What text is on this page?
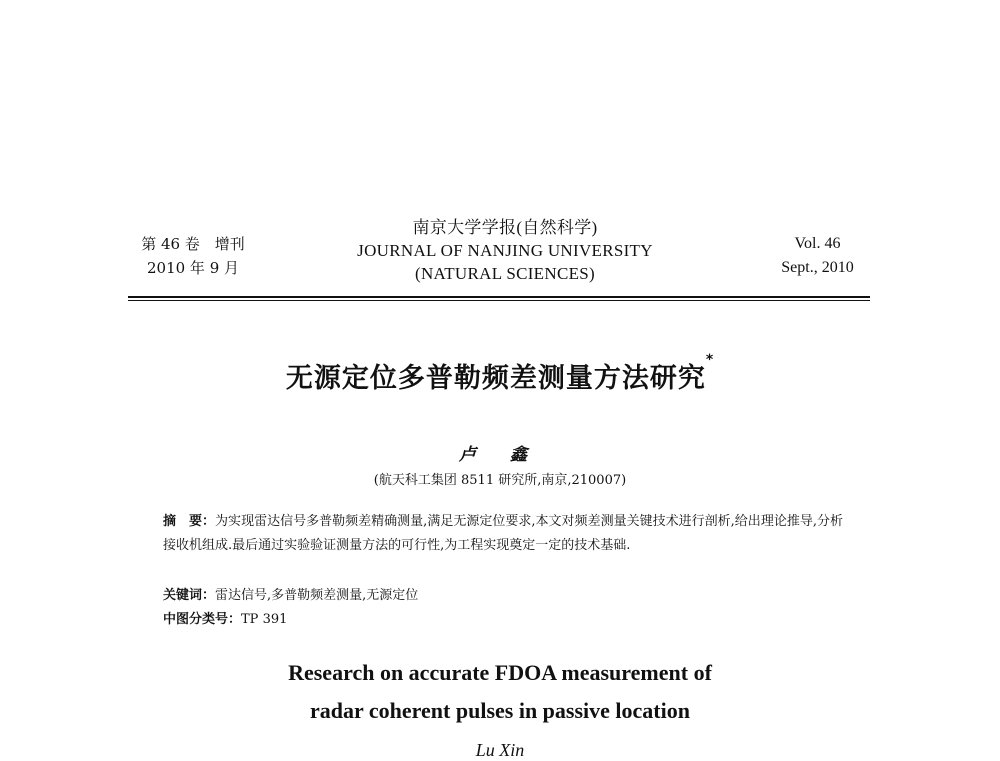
第 46 卷　增刊
2010 年 9 月
南京大学学报(自然科学)
JOURNAL OF NANJING UNIVERSITY
(NATURAL SCIENCES)
Vol. 46
Sept., 2010
无源定位多普勒频差测量方法研究*
卢 鑫
(航天科工集团 8511 研究所,南京,210007)
摘　要：为实现雷达信号多普勒频差精确测量,满足无源定位要求,本文对频差测量关键技术进行剖析,给出理论推导,分析接收机组成.最后通过实验验证测量方法的可行性,为工程实现奠定一定的技术基础.
关键词：雷达信号,多普勒频差测量,无源定位
中图分类号：TP 391
Research on accurate FDOA measurement of
radar coherent pulses in passive location
Lu Xin
